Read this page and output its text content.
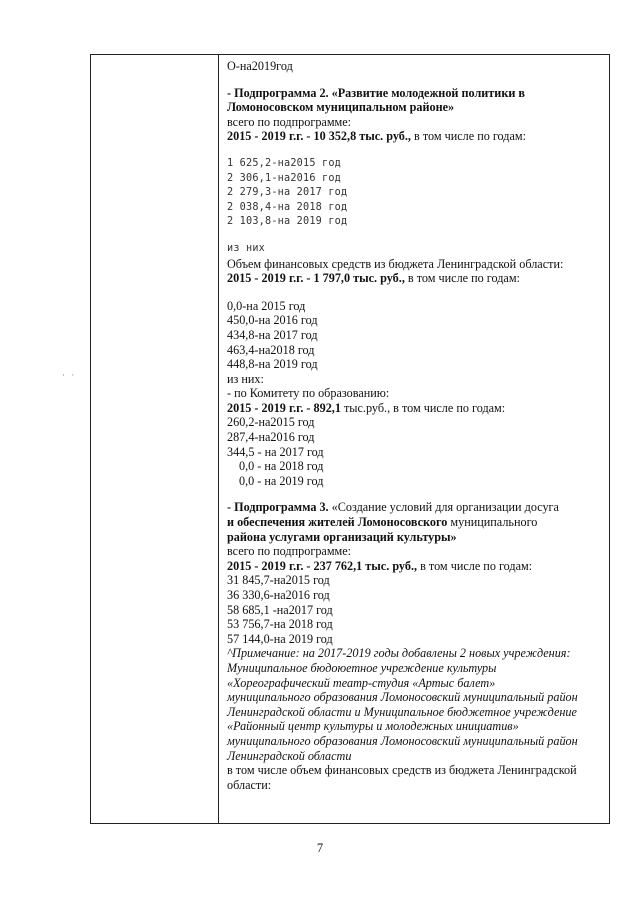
· ·
О-на2019год
- Подпрограмма 2. «Развитие молодежной политики в
Ломоносовском муниципальном районе»
всего по подпрограмме:
2015 - 2019 г.г. - 10 352,8 тыс. руб., в том числе по годам:
1 625,2-на2015 год
2 306,1-на2016 год
2 279,3-на 2017 год
2 038,4-на 2018 год
2 103,8-на 2019 год
из них
Объем финансовых средств из бюджета Ленинградской области:
2015 - 2019 г.г. - 1 797,0 тыс. руб., в том числе по годам:
0,0-на 2015 год
450,0-на 2016 год
434,8-на 2017 год
463,4-на2018 год
448,8-на 2019 год
из них:
- по Комитету по образованию:
2015 - 2019 г.г. - 892,1 тыс.руб., в том числе по годам:
260,2-на2015 год
287,4-на2016 год
344,5 - на 2017 год
0,0 - на 2018 год
0,0 - на 2019 год
- Подпрограмма 3. «Создание условий для организации досуга
и обеспечения жителей Ломоносовского муниципального
района услугами организаций культуры»
всего по подпрограмме:
2015 - 2019 г.г. - 237 762,1 тыс. руб., в том числе по годам:
31 845,7-на2015 год
36 330,6-на2016 год
58 685,1 -на2017 год
53 756,7-на 2018 год
57 144,0-на 2019 год
^Примечание: на 2017-2019 годы добавлены 2 новых учреждения:
Муниципальное бюдоюетное учреждение культуры
«Хореографический театр-студия «Артыс балет»
муниципального образования Ломоносовский муниципальный район
Ленинградской области и Муниципальное бюджетное учреждение
«Районный центр культуры и молодежных инициатив»
муниципального образования Ломоносовский муниципальный район
Ленинградской области
в том числе объем финансовых средств из бюджета Ленинградской
области:
7
